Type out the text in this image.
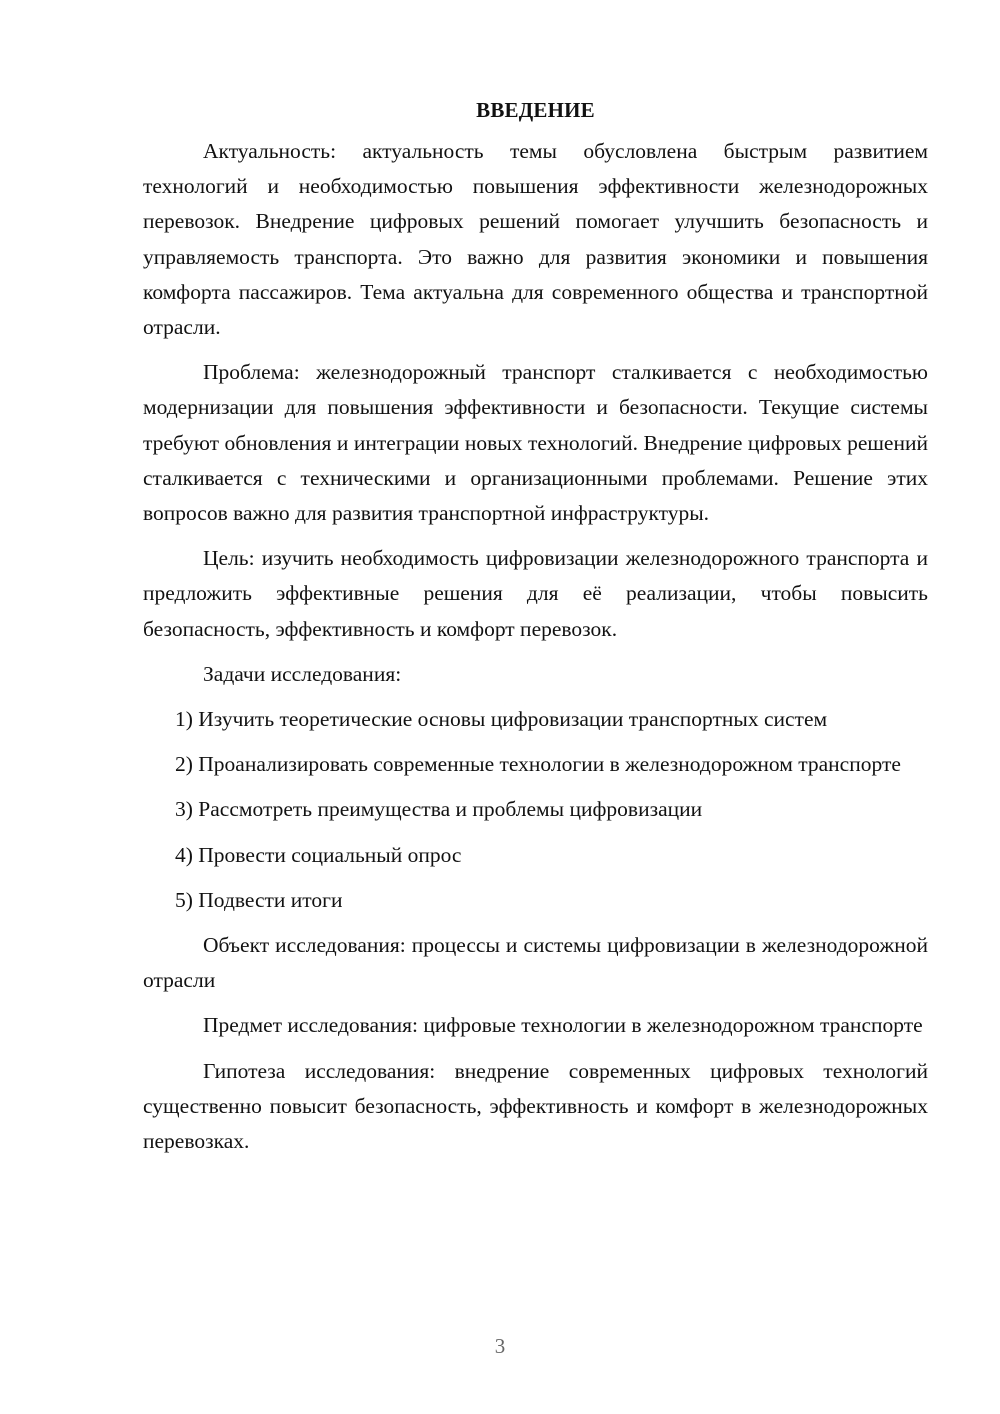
ВВЕДЕНИЕ

Актуальность: актуальность темы обусловлена быстрым развитием технологий и необходимостью повышения эффективности железнодорожных перевозок. Внедрение цифровых решений помогает улучшить безопасность и управляемость транспорта. Это важно для развития экономики и повышения комфорта пассажиров. Тема актуальна для современного общества и транспортной отрасли.

Проблема: железнодорожный транспорт сталкивается с необходимостью модернизации для повышения эффективности и безопасности. Текущие системы требуют обновления и интеграции новых технологий. Внедрение цифровых решений сталкивается с техническими и организационными проблемами. Решение этих вопросов важно для развития транспортной инфраструктуры.

Цель: изучить необходимость цифровизации железнодорожного транспорта и предложить эффективные решения для её реализации, чтобы повысить безопасность, эффективность и комфорт перевозок.

Задачи исследования:

1) Изучить теоретические основы цифровизации транспортных систем

2) Проанализировать современные технологии в железнодорожном транспорте

3) Рассмотреть преимущества и проблемы цифровизации

4) Провести социальный опрос

5) Подвести итоги

Объект исследования: процессы и системы цифровизации в железнодорожной отрасли

Предмет исследования: цифровые технологии в железнодорожном транспорте

Гипотеза исследования: внедрение современных цифровых технологий существенно повысит безопасность, эффективность и комфорт в железнодорожных перевозках.

3
